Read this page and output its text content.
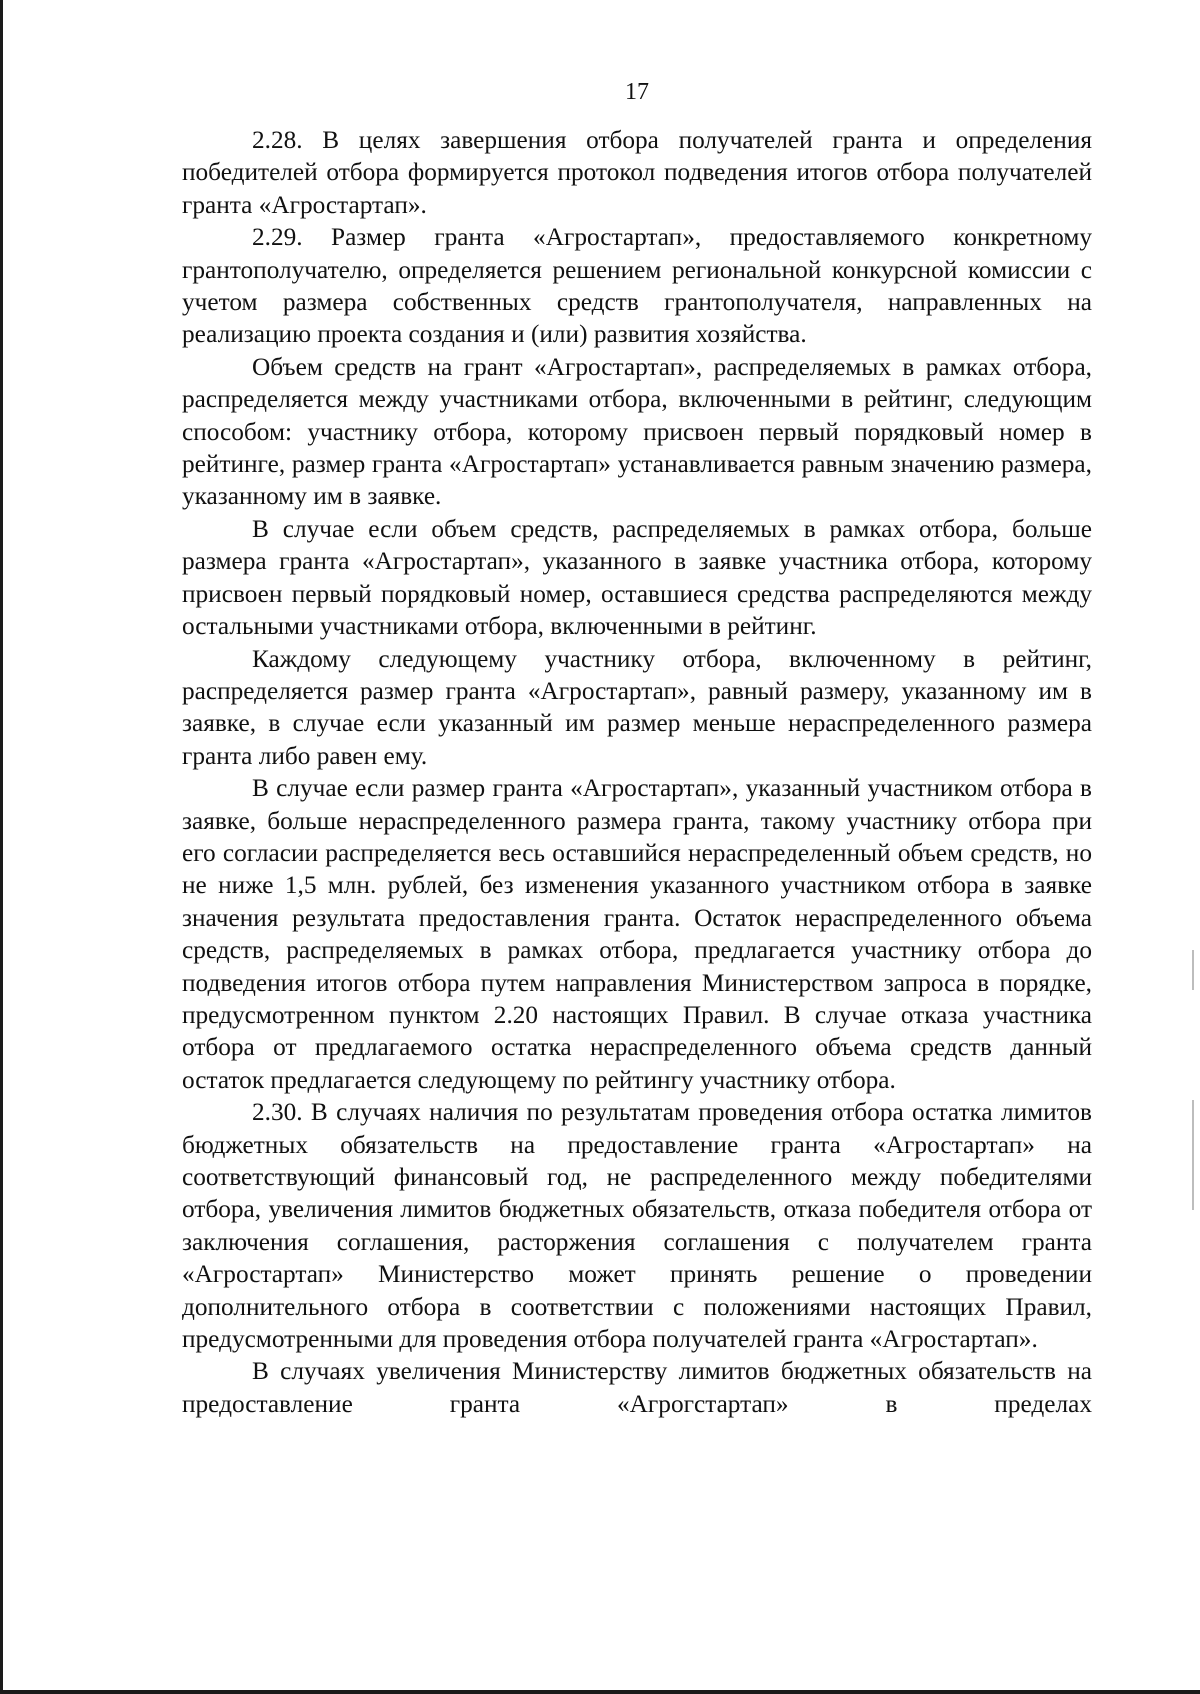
17

2.28. В целях завершения отбора получателей гранта и определения победителей отбора формируется протокол подведения итогов отбора получателей гранта «Агростартап».

2.29. Размер гранта «Агростартап», предоставляемого конкретному грантополучателю, определяется решением региональной конкурсной комиссии с учетом размера собственных средств грантополучателя, направленных на реализацию проекта создания и (или) развития хозяйства.

Объем средств на грант «Агростартап», распределяемых в рамках отбора, распределяется между участниками отбора, включенными в рейтинг, следующим способом: участнику отбора, которому присвоен первый порядковый номер в рейтинге, размер гранта «Агростартап» устанавливается равным значению размера, указанному им в заявке.

В случае если объем средств, распределяемых в рамках отбора, больше размера гранта «Агростартап», указанного в заявке участника отбора, которому присвоен первый порядковый номер, оставшиеся средства распределяются между остальными участниками отбора, включенными в рейтинг.

Каждому следующему участнику отбора, включенному в рейтинг, распределяется размер гранта «Агростартап», равный размеру, указанному им в заявке, в случае если указанный им размер меньше нераспределенного размера гранта либо равен ему.

В случае если размер гранта «Агростартап», указанный участником отбора в заявке, больше нераспределенного размера гранта, такому участнику отбора при его согласии распределяется весь оставшийся нераспределенный объем средств, но не ниже 1,5 млн. рублей, без изменения указанного участником отбора в заявке значения результата предоставления гранта. Остаток нераспределенного объема средств, распределяемых в рамках отбора, предлагается участнику отбора до подведения итогов отбора путем направления Министерством запроса в порядке, предусмотренном пунктом 2.20 настоящих Правил. В случае отказа участника отбора от предлагаемого остатка нераспределенного объема средств данный остаток предлагается следующему по рейтингу участнику отбора.

2.30. В случаях наличия по результатам проведения отбора остатка лимитов бюджетных обязательств на предоставление гранта «Агростартап» на соответствующий финансовый год, не распределенного между победителями отбора, увеличения лимитов бюджетных обязательств, отказа победителя отбора от заключения соглашения, расторжения соглашения с получателем гранта «Агростартап» Министерство может принять решение о проведении дополнительного отбора в соответствии с положениями настоящих Правил, предусмотренными для проведения отбора получателей гранта «Агростартап».

В случаях увеличения Министерству лимитов бюджетных обязательств на предоставление гранта «Агрогстартап» в пределах
